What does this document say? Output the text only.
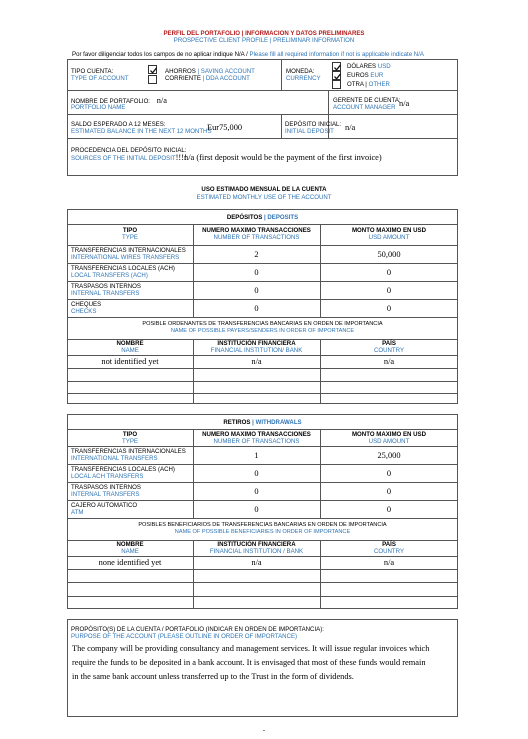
PERFIL DEL PORTAFOLIO | INFORMACION Y DATOS PRELIMINARES
PROSPECTIVE CLIENT PROFILE | PRELIMINAR INFORMATION
Por favor diligenciar todos los campos de no aplicar indique N/A / Please fill all required information if not is applicable indicate N/A
TIPO CUENTA:
TYPE OF ACCOUNT
AHORROS | SAVING ACCOUNT
CORRIENTE | DDA ACCOUNT
MONEDA:
CURRENCY
DÓLARES USD
EUROS EUR
OTRA | OTHER
NOMBRE DE PORTAFOLIO: n/a
PORTFOLIO NAME
GERENTE DE CUENTA:
ACCOUNT MANAGER n/a
SALDO ESPERADO A 12 MESES:
ESTIMATED BALANCE IN THE NEXT 12 MONTHS
Eur75,000	DEPÓSITO INICIAL:
INITIAL DEPOSIT n/a
PROCEDENCIA DEL DEPÓSITO INICIAL:
SOURCES OF THE INITIAL DEPOSIT!!!!
n/a (first deposit would be the payment of the first invoice)
USO ESTIMADO MENSUAL DE LA CUENTA
ESTIMATED MONTHLY USE OF THE ACCOUNT
DEPÓSITOS | DEPOSITS
TIPO
TYPE
NUMERO MAXIMO TRANSACCIONES
NUMBER OF TRANSACTIONS
MONTO MAXIMO EN USD
USD AMOUNT
TRANSFERENCIAS INTERNACIONALES
INTERNATIONAL WIRES TRANSFERS	2	50,000
TRANSFERENCIAS LOCALES (ACH)
LOCAL TRANSFERS (ACH)	0	0
TRASPASOS INTERNOS
INTERNAL TRANSFERS	0	0
CHEQUES
CHECKS	0	0
POSIBLE ORDENANTES DE TRANSFERENCIAS BANCARIAS EN ORDEN DE IMPORTANCIA
NAME OF POSSIBLE PAYERS/SENDERS IN ORDER OF IMPORTANCE
NOMBRE
NAME
INSTITUCIÓN FINANCIERA
FINANCIAL INSTITUTION/ BANK
PAÍS
COUNTRY
not identified yet	n/a	n/a
RETIROS | WITHDRAWALS
TIPO
TYPE
NUMERO MAXIMO TRANSACCIONES
NUMBER OF TRANSACTIONS
MONTO MAXIMO EN USD
USD AMOUNT
TRANSFERENCIAS INTERNACIONALES
INTERNATIONAL TRANSFERS	1	25,000
TRANSFERENCIAS LOCALES (ACH)
LOCAL ACH TRANSFERS	0	0
TRASPASOS INTERNOS
INTERNAL TRANSFERS	0	0
CAJERO AUTOMATICO
ATM	0	0
POSIBLES BENEFICIARIOS DE TRANSFERENCIAS BANCARIAS EN ORDEN DE IMPORTANCIA
NAME OF POSSIBLE BENEFICIARIES IN ORDER OF IMPORTANCE
NOMBRE
NAME
INSTITUCIÓN FINANCIERA
FINANCIAL INSTITUTION / BANK
PAÍS
COUNTRY
none identified yet	n/a	n/a
PROPÓSITO(S) DE LA CUENTA / PORTAFOLIO (INDICAR EN ORDEN DE IMPORTANCIA):
PURPOSE OF THE ACCOUNT (PLEASE OUTLINE IN ORDER OF IMPORTANCE)
The company will be providing consultancy and management services. It will issue regular invoices which
require the funds to be deposited in a bank account. It is envisaged that most of these funds would remain
in the same bank account unless transferred up to the Trust in the form of dividends.
ˇ
